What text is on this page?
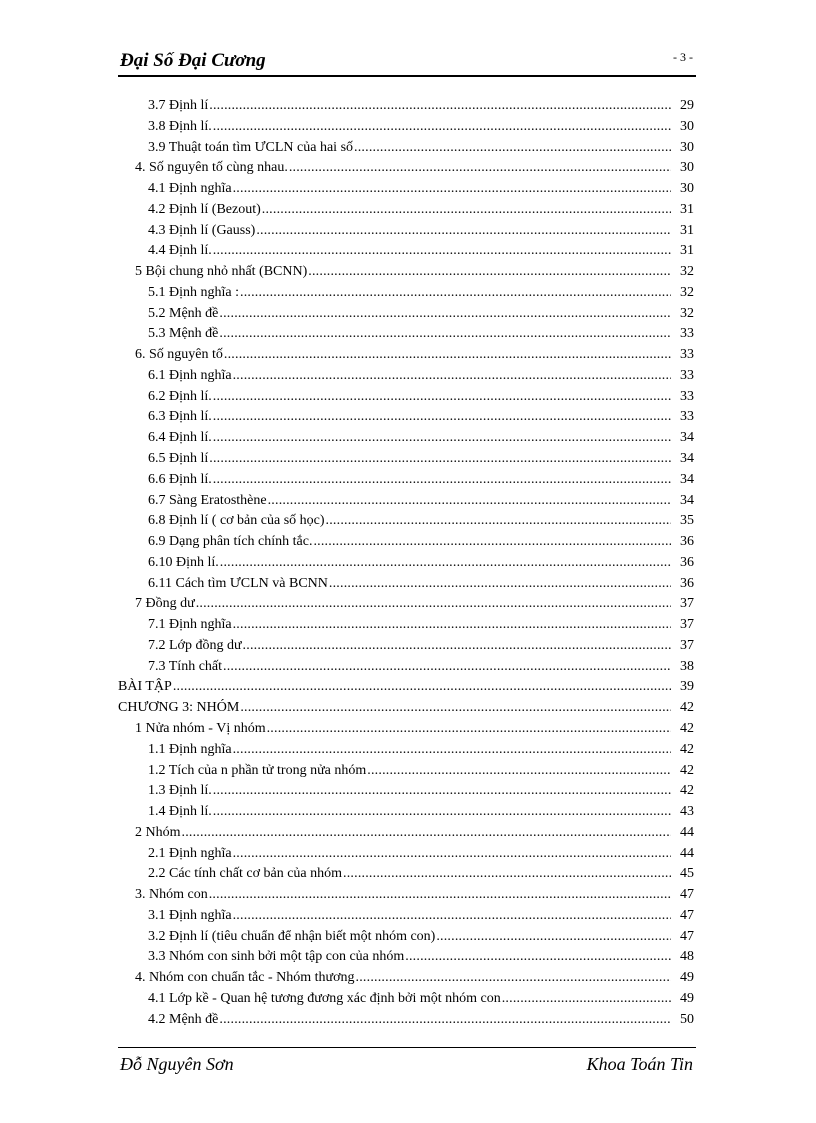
Đại Số Đại Cương	- 3 -
3.7 Định lí .....	29
3.8 Định lí. .....	30
3.9 Thuật toán tìm ƯCLN của hai số .....	30
4. Số nguyên tố cùng nhau. .....	30
4.1 Định nghĩa .....	30
4.2 Định lí (Bezout) .....	31
4.3 Định lí (Gauss) .....	31
4.4 Định lí. .....	31
5 Bội chung nhỏ nhất (BCNN) .....	32
5.1 Định nghĩa : .....	32
5.2 Mệnh đề .....	32
5.3 Mệnh đề .....	33
6. Số nguyên tố .....	33
6.1 Định nghĩa .....	33
6.2 Định lí. .....	33
6.3 Định lí. .....	33
6.4 Định lí. .....	34
6.5 Định lí .....	34
6.6 Định lí. .....	34
6.7 Sàng Eratosthène .....	34
6.8 Định lí ( cơ bản của số học) .....	35
6.9 Dạng phân tích chính tắc. .....	36
6.10 Định lí. .....	36
6.11 Cách tìm ƯCLN và BCNN .....	36
7 Đồng dư .....	37
7.1 Định nghĩa .....	37
7.2 Lớp đồng dư .....	37
7.3 Tính chất .....	38
BÀI TẬP .....	39
CHƯƠNG 3: NHÓM .....	42
1 Nửa nhóm - Vị nhóm .....	42
1.1 Định nghĩa .....	42
1.2 Tích của n phần tử trong nửa nhóm .....	42
1.3 Định lí. .....	42
1.4 Định lí. .....	43
2 Nhóm .....	44
2.1 Định nghĩa .....	44
2.2 Các tính chất cơ bản của nhóm .....	45
3. Nhóm con .....	47
3.1 Định nghĩa .....	47
3.2 Định lí (tiêu chuẩn để nhận biết một nhóm con) .....	47
3.3 Nhóm con sinh bởi một tập con của nhóm .....	48
4. Nhóm con chuẩn tắc - Nhóm thương .....	49
4.1 Lớp kề - Quan hệ tương đương xác định bởi một nhóm con .....	49
4.2 Mệnh đề .....	50
Đỗ Nguyên Sơn	Khoa Toán Tin
